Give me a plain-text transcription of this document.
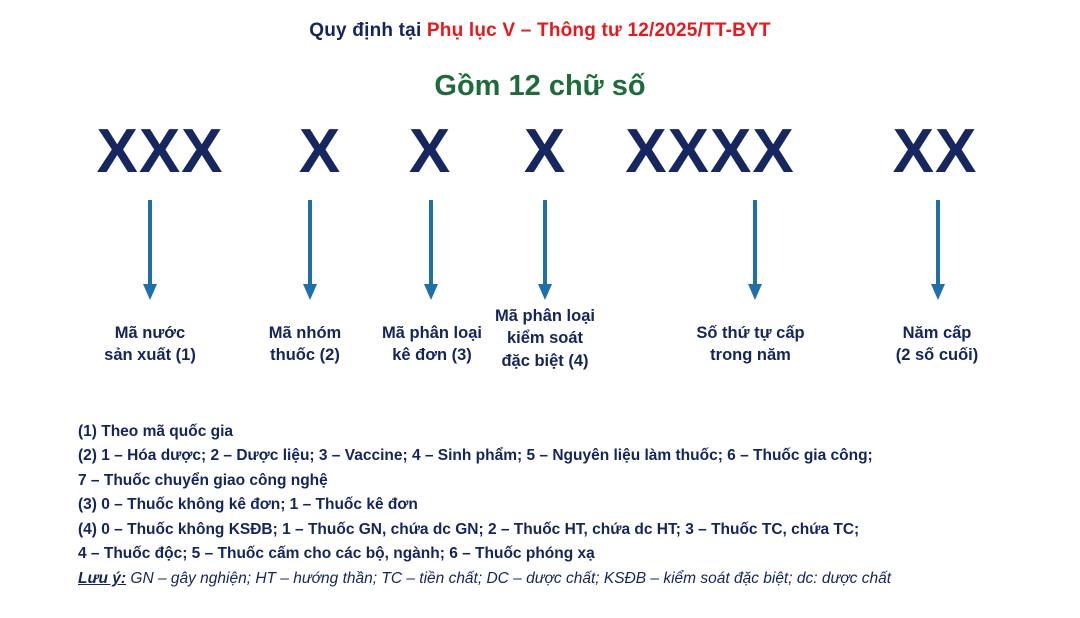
Quy định tại Phụ lục V – Thông tư 12/2025/TT-BYT
Gồm 12 chữ số
XXX	X	X	X XXXX	XX
Mã nước
sản xuất (1)
Mã nhóm
thuốc (2)
Mã phân loại
kê đơn (3)
Mã phân loại
kiểm soát
đặc biệt (4)
Số thứ tự cấp
trong năm
Năm cấp
(2 số cuối)
(1) Theo mã quốc gia
(2) 1 – Hóa dược; 2 – Dược liệu; 3 – Vaccine; 4 – Sinh phẩm; 5 – Nguyên liệu làm thuốc; 6 – Thuốc gia công;
7 – Thuốc chuyển giao công nghệ
(3) 0 – Thuốc không kê đơn; 1 – Thuốc kê đơn
(4) 0 – Thuốc không KSĐB; 1 – Thuốc GN, chứa dc GN; 2 – Thuốc HT, chứa dc HT; 3 – Thuốc TC, chứa TC;
4 – Thuốc độc; 5 – Thuốc cấm cho các bộ, ngành; 6 – Thuốc phóng xạ
Lưu ý: GN – gây nghiện; HT – hướng thần; TC – tiền chất; DC – dược chất; KSĐB – kiểm soát đặc biệt; dc: dược chất
